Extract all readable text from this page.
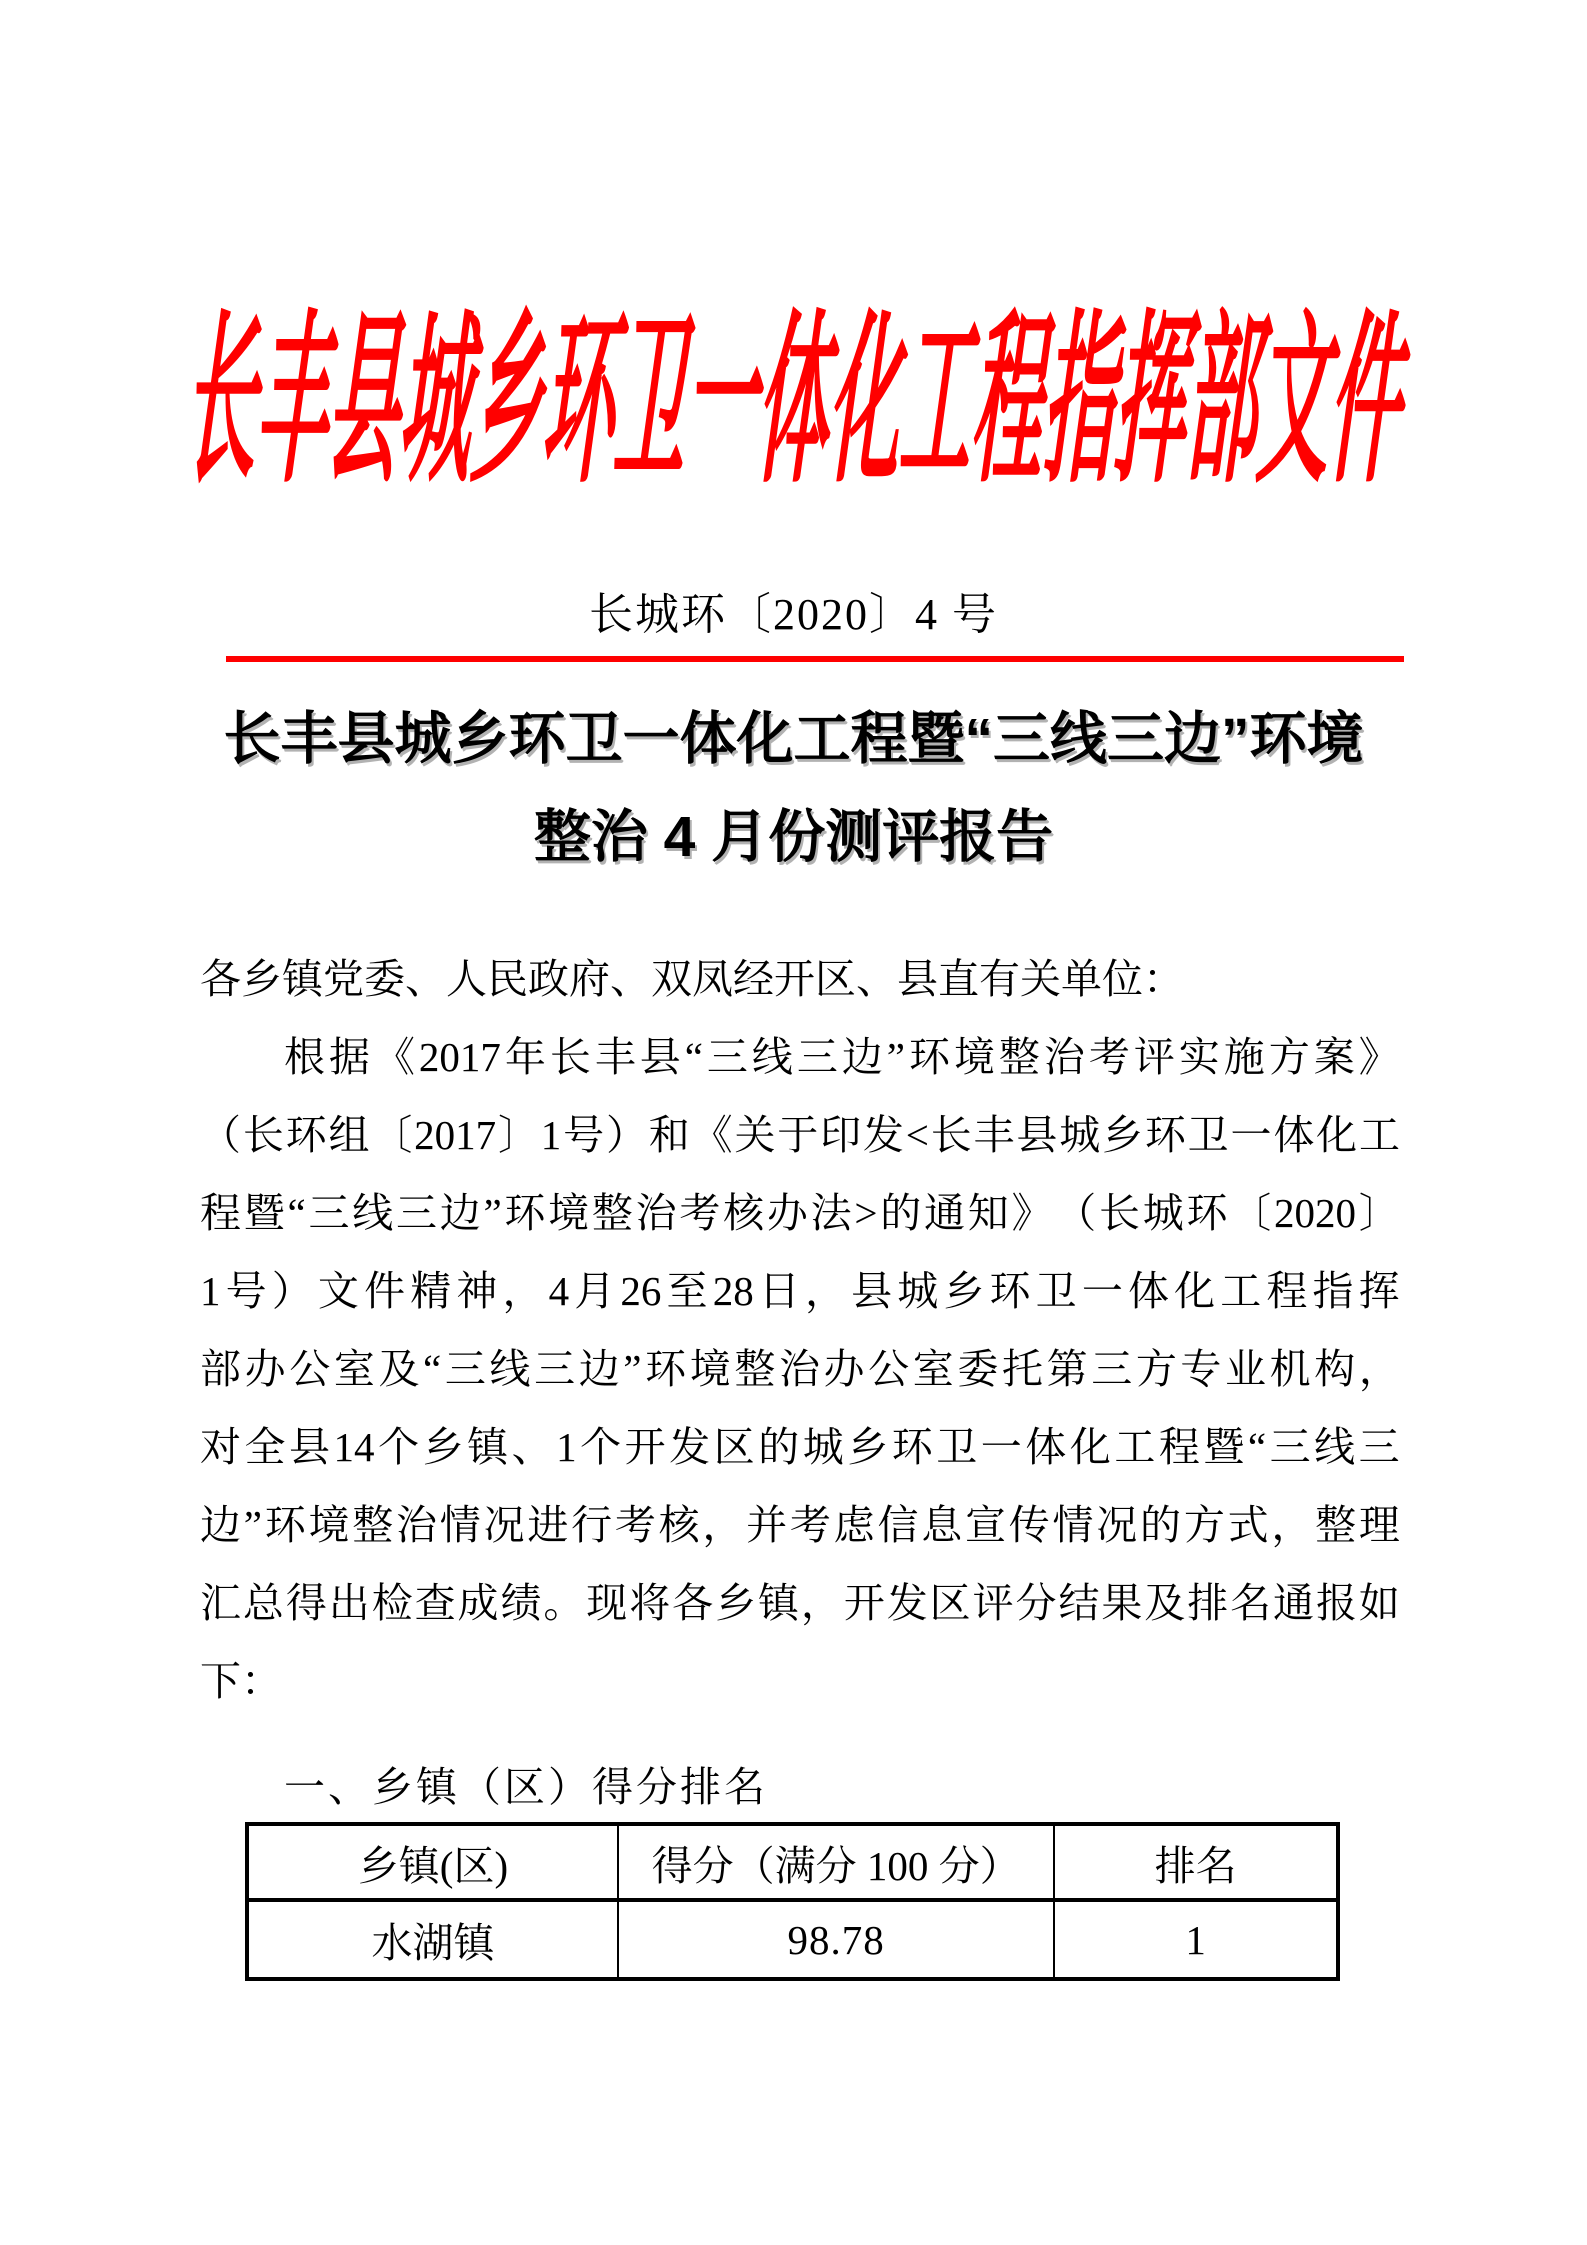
长丰县城乡环卫一体化工程指挥部文件
长城环〔2020〕4 号
长丰县城乡环卫一体化工程暨“三线三边”环境
整治 4 月份测评报告
各乡镇党委、人民政府、双凤经开区、县直有关单位：
根 据 《 2017 年 长 丰 县 “ 三 线 三 边 ” 环 境 整 治 考 评 实 施 方 案 》
（ 长 环 组 〔 2017 〕 1 号 ） 和 《 关 于 印 发 < 长 丰 县 城 乡 环 卫 一 体 化 工
程 暨 “ 三 线 三 边 ” 环 境 整 治 考 核 办 法 > 的 通 知 》 （ 长 城 环 〔 2020 〕
1 号 ） 文 件 精 神 ， 4 月 26 至 28 日 ， 县 城 乡 环 卫 一 体 化 工 程 指 挥
部 办 公 室 及 “ 三 线 三 边 ” 环 境 整 治 办 公 室 委 托 第 三 方 专 业 机 构 ，
对 全 县 14 个 乡 镇 、 1 个 开 发 区 的 城 乡 环 卫 一 体 化 工 程 暨 “ 三 线 三
边 ” 环 境 整 治 情 况 进 行 考 核 ， 并 考 虑 信 息 宣 传 情 况 的 方 式 ， 整 理
汇 总 得 出 检 查 成 绩 。 现 将 各 乡 镇 ， 开 发 区 评 分 结 果 及 排 名 通 报 如
下：
一、乡镇（区）得分排名
乡镇(区)	得分（满分 100 分）	排名
水湖镇	98.78	1
